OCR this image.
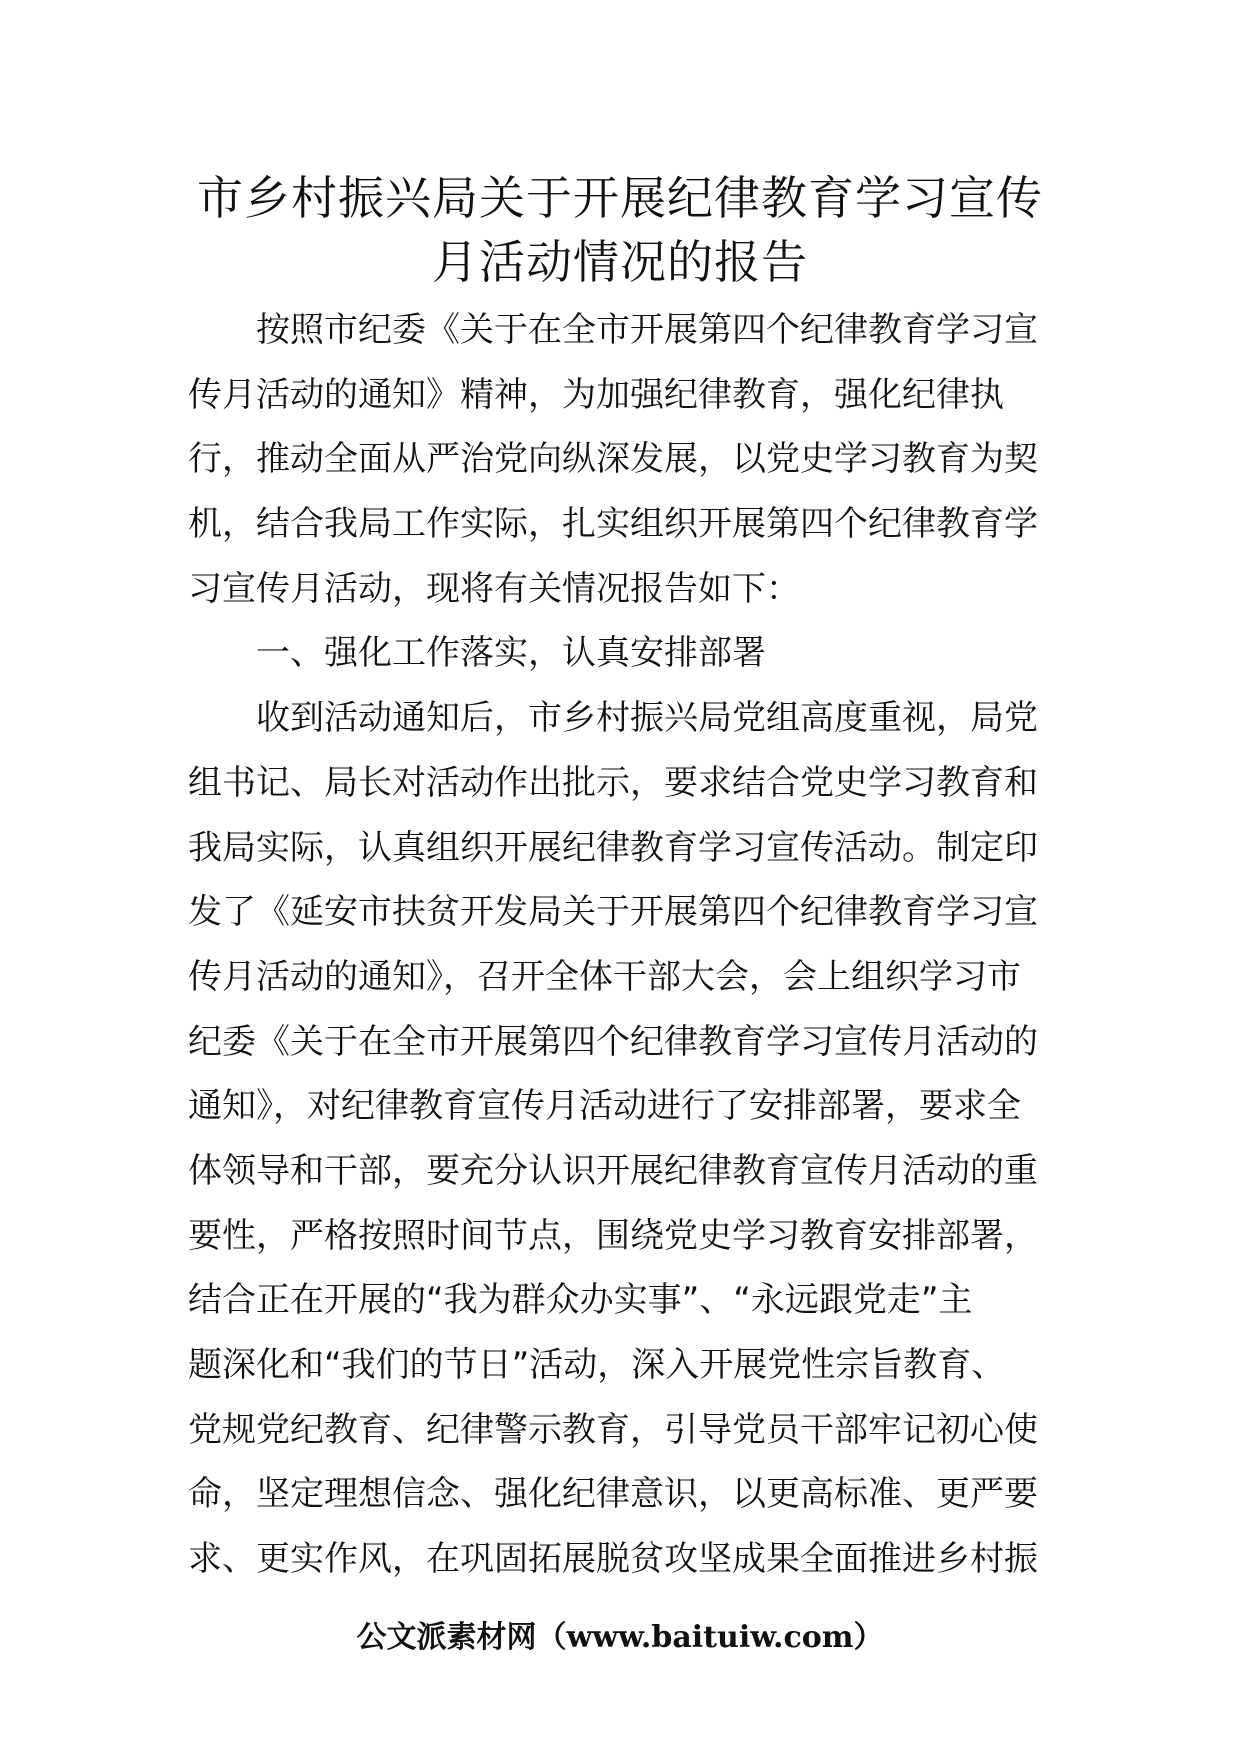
市乡村振兴局关于开展纪律教育学习宣传
月活动情况的报告

按照市纪委《关于在全市开展第四个纪律教育学习宣

传月活动的通知》精神，为加强纪律教育，强化纪律执

行，推动全面从严治党向纵深发展，以党史学习教育为契

机，结合我局工作实际，扎实组织开展第四个纪律教育学

习宣传月活动，现将有关情况报告如下：

一、强化工作落实，认真安排部署

收到活动通知后，市乡村振兴局党组高度重视，局党

组书记、局长对活动作出批示，要求结合党史学习教育和

我局实际，认真组织开展纪律教育学习宣传活动。制定印

发了《延安市扶贫开发局关于开展第四个纪律教育学习宣

传月活动的通知》，召开全体干部大会，会上组织学习市

纪委《关于在全市开展第四个纪律教育学习宣传月活动的

通知》，对纪律教育宣传月活动进行了安排部署，要求全

体领导和干部，要充分认识开展纪律教育宣传月活动的重

要性，严格按照时间节点，围绕党史学习教育安排部署，

结合正在开展的“我为群众办实事”、“永远跟党走”主

题深化和“我们的节日”活动，深入开展党性宗旨教育、

党规党纪教育、纪律警示教育，引导党员干部牢记初心使

命，坚定理想信念、强化纪律意识，以更高标准、更严要

求、更实作风，在巩固拓展脱贫攻坚成果全面推进乡村振

公文派素材网（www.baituiw.com）
